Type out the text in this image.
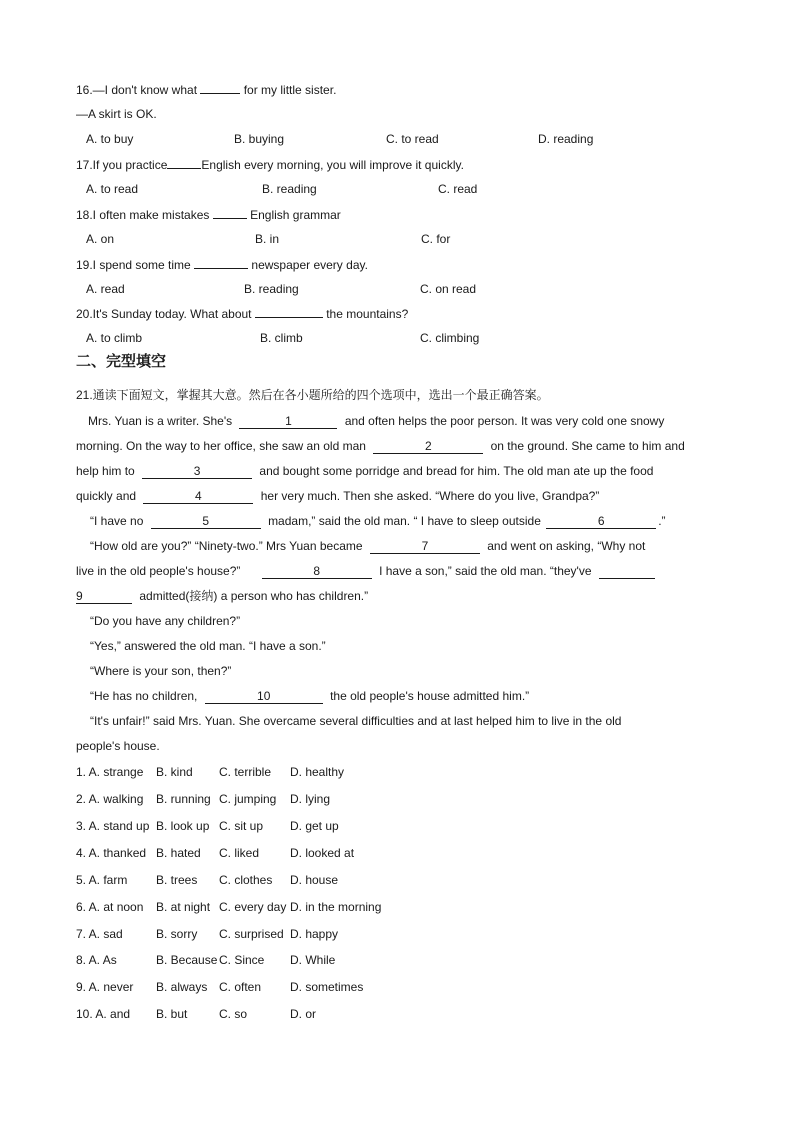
16.—I don't know what	for my little sister.
—A skirt is OK.
A. to buy	B. buying	C. to read	D. reading
17.If you practice	English every morning, you will improve it quickly.
A. to read	B. reading	C. read
18.I often make mistakes	English grammar
A. on	B. in	C. for
19.I spend some time	newspaper every day.
A. read	B. reading	C. on read
20.It's Sunday today. What about	the mountains?
A. to climb	B. climb	C. climbing
二、完型填空
21.通读下面短文，掌握其大意。然后在各小题所给的四个选项中，选出一个最正确答案。
Mrs. Yuan is a writer. She's	1	and often helps the poor person. It was very cold one snowy
morning. On the way to her office, she saw an old man	2	on the ground. She came to him and
help him to	3	and bought some porridge and bread for him. The old man ate up the food
quickly and	4	her very much. Then she asked. “Where do you live, Grandpa?”
“I have no	5	madam,” said the old man. “ I have to sleep outside	6	.”
“How old are you?” “Ninety-two.” Mrs Yuan became	7	and went on asking, “Why not
live in the old people's house?”	8	I have a son,” said the old man. “they've
9	admitted(接纳) a person who has children.”
“Do you have any children?”
“Yes,” answered the old man. “I have a son.”
“Where is your son, then?”
“He has no children,	10	the old people's house admitted him.”
“It's unfair!” said Mrs. Yuan. She overcame several difficulties and at last helped him to live in the old
people's house.
1. A. strange B. kind C. terrible D. healthy
2. A. walking B. running C. jumping D. lying
3. A. stand up B. look up C. sit up D. get up
4. A. thanked B. hated C. liked	D. looked at
5. A. farm B. trees C. clothes D. house
6. A. at noon B. at night C. every day D. in the morning
7. A. sad	B. sorry C. surprised D. happy
8. A. As	B. Because C. Since D. While
9. A. never B. always C. often D. sometimes
10. A. and B. but	C. so	D. or
